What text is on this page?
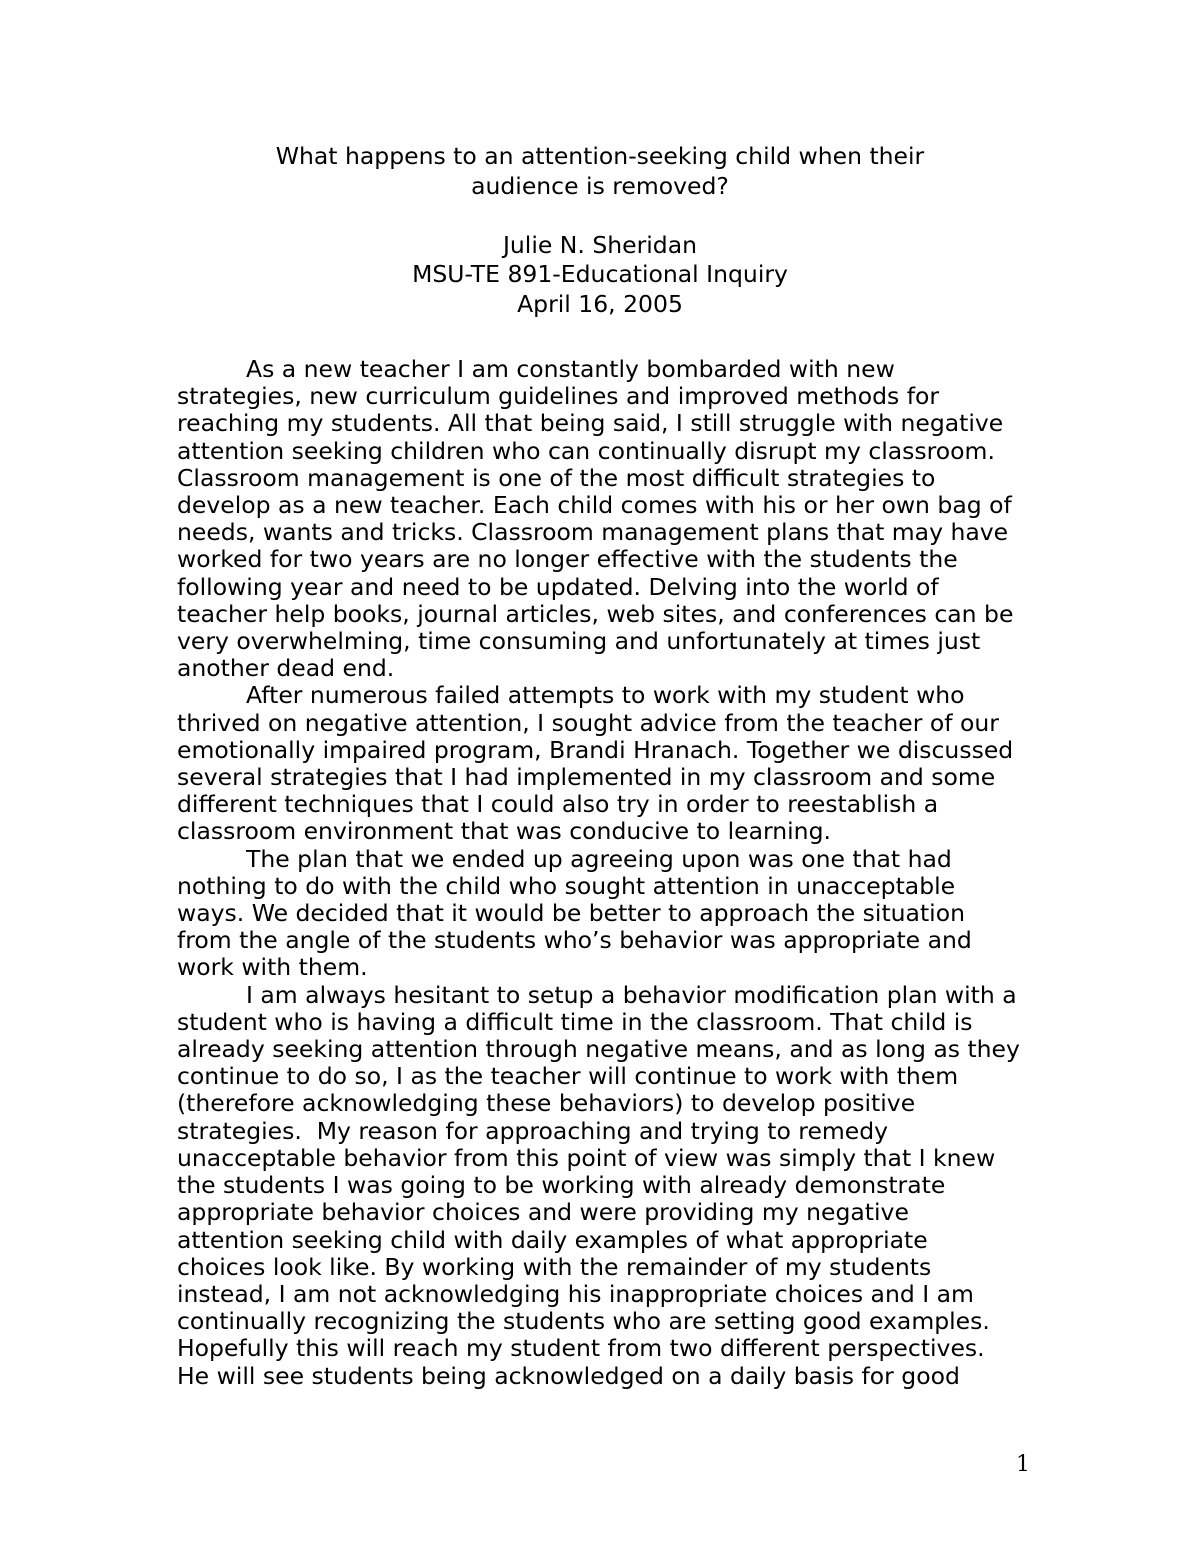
What happens to an attention-seeking child when their
audience is removed?
Julie N. Sheridan
MSU-TE 891-Educational Inquiry
April 16, 2005
As a new teacher I am constantly bombarded with new
strategies, new curriculum guidelines and improved methods for
reaching my students. All that being said, I still struggle with negative
attention seeking children who can continually disrupt my classroom.
Classroom management is one of the most difficult strategies to
develop as a new teacher. Each child comes with his or her own bag of
needs, wants and tricks. Classroom management plans that may have
worked for two years are no longer effective with the students the
following year and need to be updated. Delving into the world of
teacher help books, journal articles, web sites, and conferences can be
very overwhelming, time consuming and unfortunately at times just
another dead end.
After numerous failed attempts to work with my student who
thrived on negative attention, I sought advice from the teacher of our
emotionally impaired program, Brandi Hranach. Together we discussed
several strategies that I had implemented in my classroom and some
different techniques that I could also try in order to reestablish a
classroom environment that was conducive to learning.
The plan that we ended up agreeing upon was one that had
nothing to do with the child who sought attention in unacceptable
ways. We decided that it would be better to approach the situation
from the angle of the students who’s behavior was appropriate and
work with them.
I am always hesitant to setup a behavior modification plan with a
student who is having a difficult time in the classroom. That child is
already seeking attention through negative means, and as long as they
continue to do so, I as the teacher will continue to work with them
(therefore acknowledging these behaviors) to develop positive
strategies.  My reason for approaching and trying to remedy
unacceptable behavior from this point of view was simply that I knew
the students I was going to be working with already demonstrate
appropriate behavior choices and were providing my negative
attention seeking child with daily examples of what appropriate
choices look like. By working with the remainder of my students
instead, I am not acknowledging his inappropriate choices and I am
continually recognizing the students who are setting good examples.
Hopefully this will reach my student from two different perspectives.
He will see students being acknowledged on a daily basis for good
1
